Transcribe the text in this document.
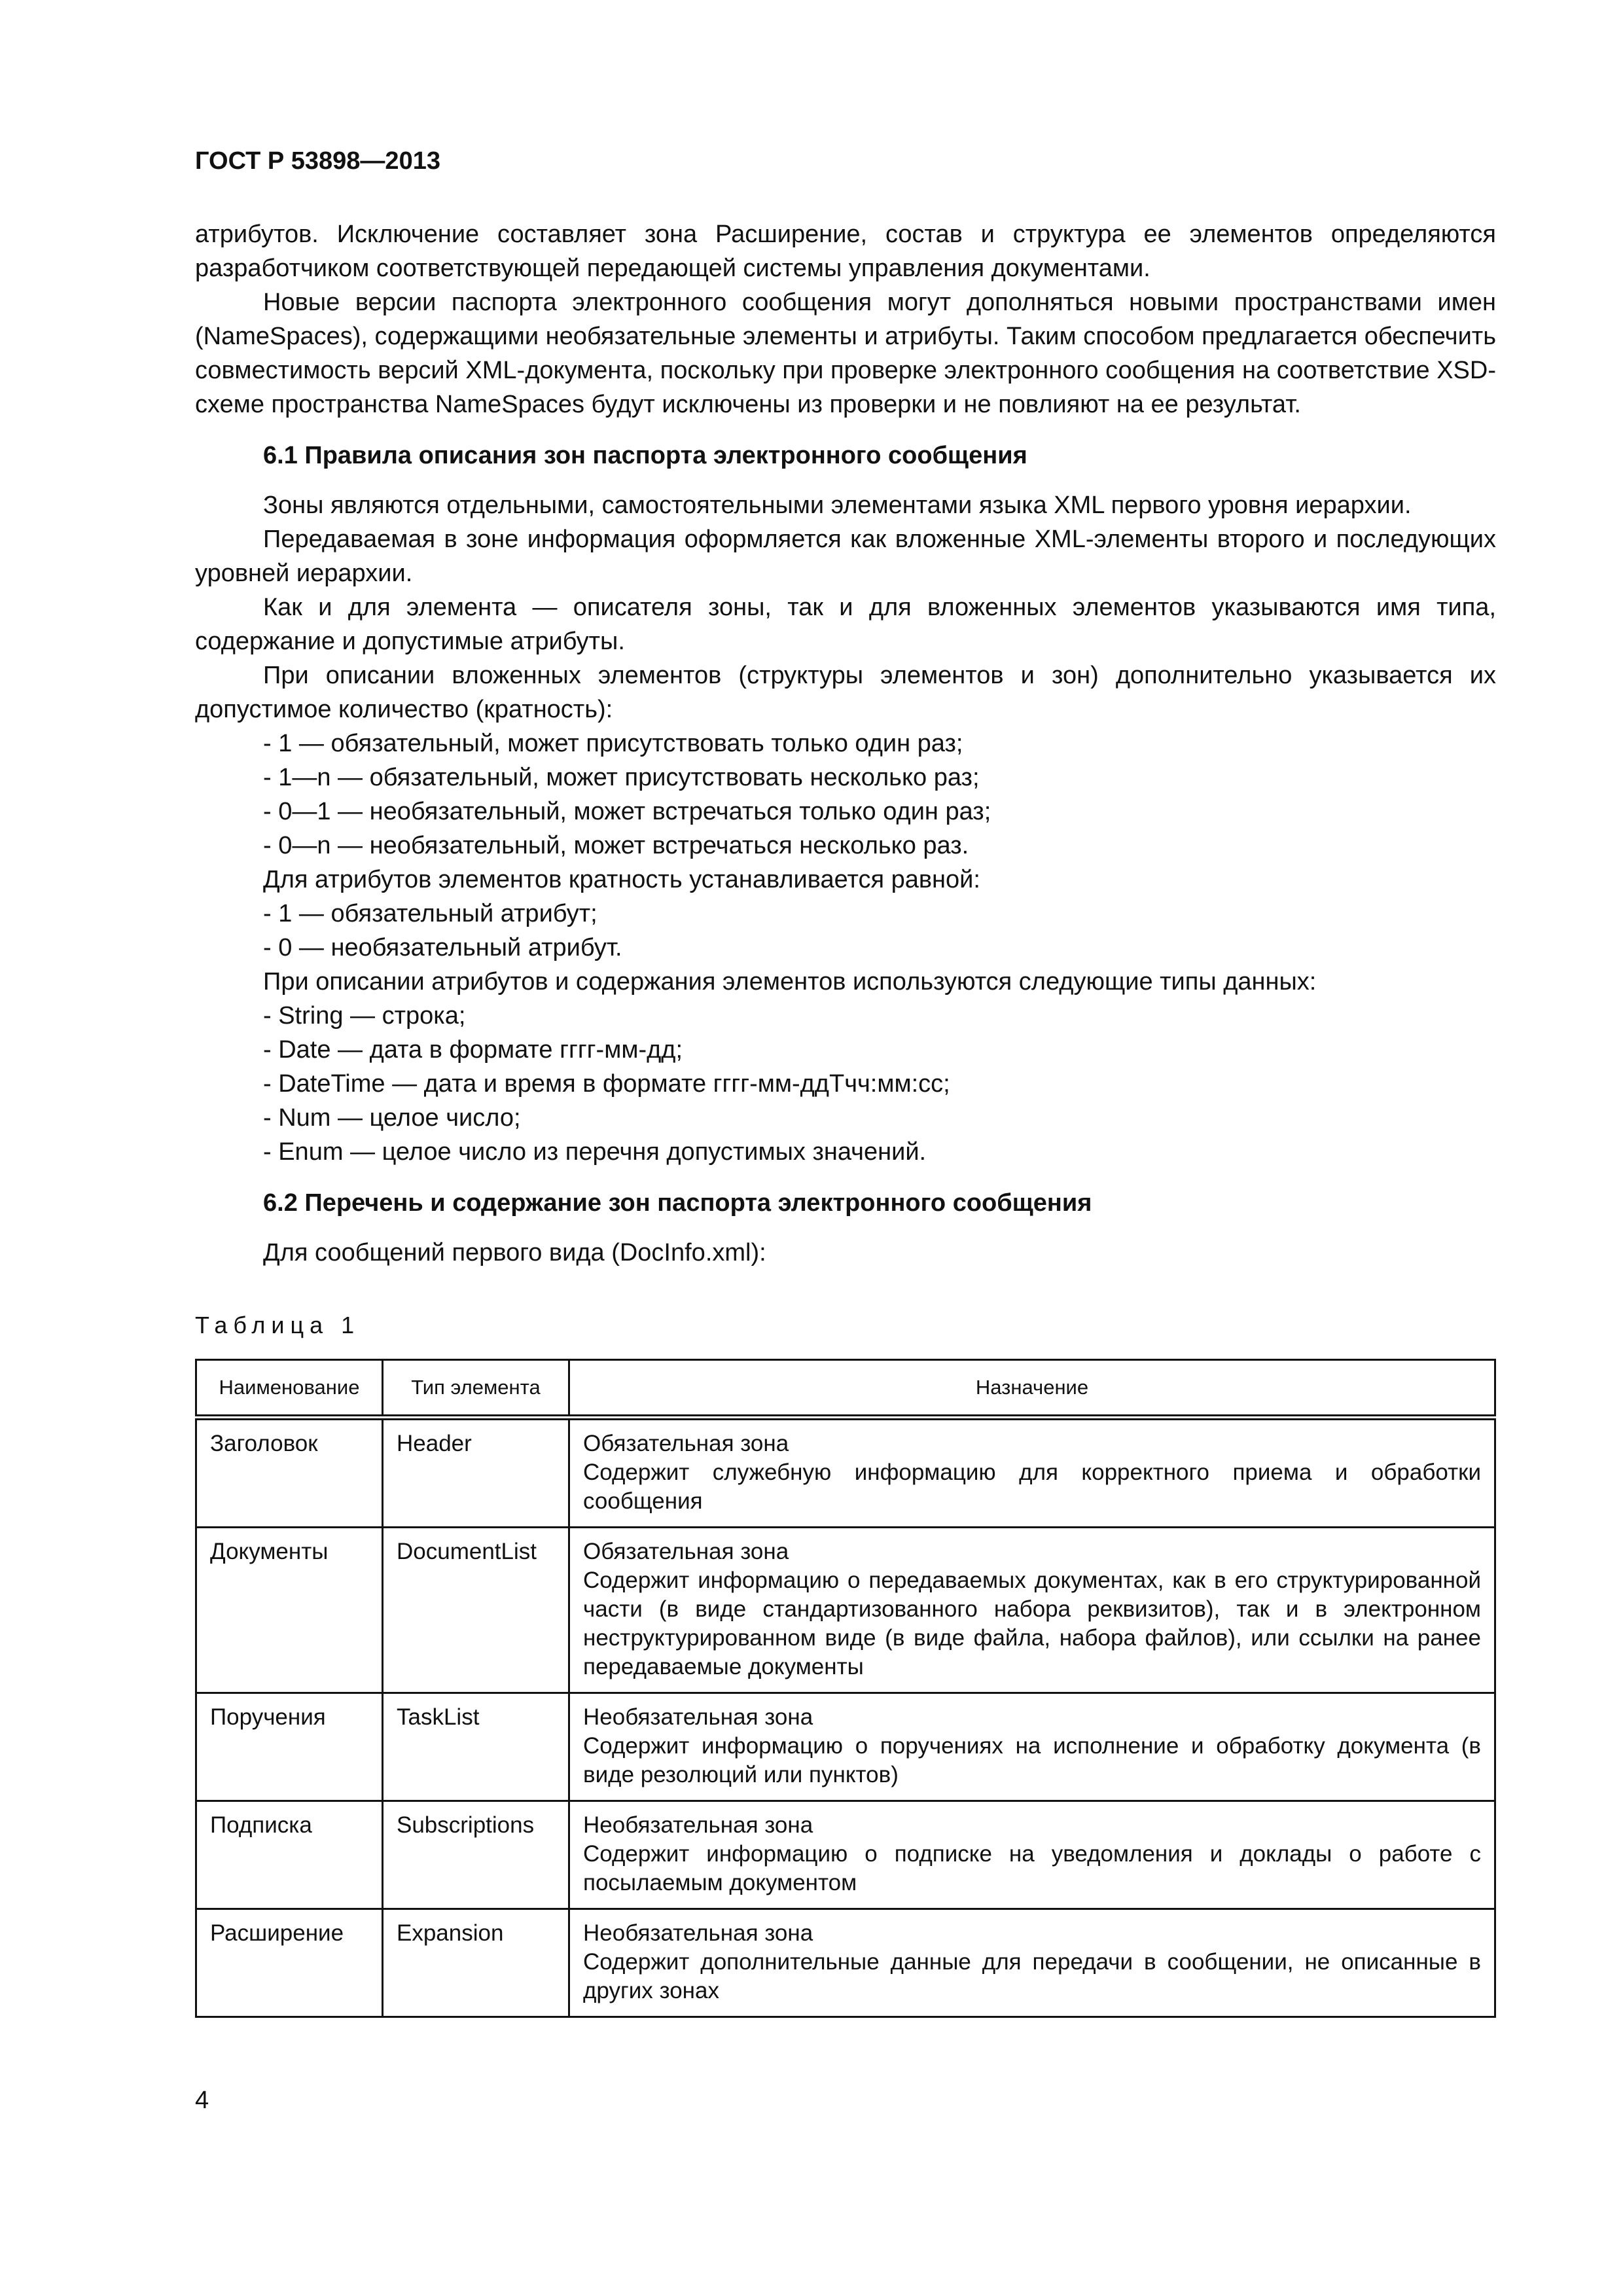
ГОСТ Р 53898—2013

атрибутов. Исключение составляет зона Расширение, состав и структура ее элементов определяются разработчиком соответствующей передающей системы управления документами.

Новые версии паспорта электронного сообщения могут дополняться новыми пространствами имен (NameSpaces), содержащими необязательные элементы и атрибуты. Таким способом предлагается обеспечить совместимость версий XML-документа, поскольку при проверке электронного сообщения на соответствие XSD-схеме пространства NameSpaces будут исключены из проверки и не повлияют на ее результат.

6.1 Правила описания зон паспорта электронного сообщения

Зоны являются отдельными, самостоятельными элементами языка XML первого уровня иерархии.

Передаваемая в зоне информация оформляется как вложенные XML-элементы второго и последующих уровней иерархии.

Как и для элемента — описателя зоны, так и для вложенных элементов указываются имя типа, содержание и допустимые атрибуты.

При описании вложенных элементов (структуры элементов и зон) дополнительно указывается их допустимое количество (кратность):

- 1 — обязательный, может присутствовать только один раз;

- 1—n — обязательный, может присутствовать несколько раз;

- 0—1 — необязательный, может встречаться только один раз;

- 0—n — необязательный, может встречаться несколько раз.

Для атрибутов элементов кратность устанавливается равной:

- 1 — обязательный атрибут;

- 0 — необязательный атрибут.

При описании атрибутов и содержания элементов используются следующие типы данных:

- String — строка;

- Date — дата в формате гггг-мм-дд;

- DateTime — дата и время в формате гггг-мм-ддТчч:мм:сс;

- Num — целое число;

- Enum — целое число из перечня допустимых значений.

6.2 Перечень и содержание зон паспорта электронного сообщения

Для сообщений первого вида (DocInfo.xml):

Таблица 1
Наименование	Тип элемента	Назначение
Заголовок	Header	Обязательная зона
Содержит служебную информацию для корректного приема и обработки сообщения

Документы	DocumentList	Обязательная зона
Содержит информацию о передаваемых документах, как в его структурированной части (в виде стандартизованного набора реквизитов), так и в электронном неструктурированном виде (в виде файла, набора файлов), или ссылки на ранее передаваемые документы

Поручения	TaskList	Необязательная зона
Содержит информацию о поручениях на исполнение и обработку документа (в виде резолюций или пунктов)

Подписка	Subscriptions	Необязательная зона
Содержит информацию о подписке на уведомления и доклады о работе с посылаемым документом

Расширение	Expansion	Необязательная зона
Содержит дополнительные данные для передачи в сообщении, не описанные в других зонах
4
